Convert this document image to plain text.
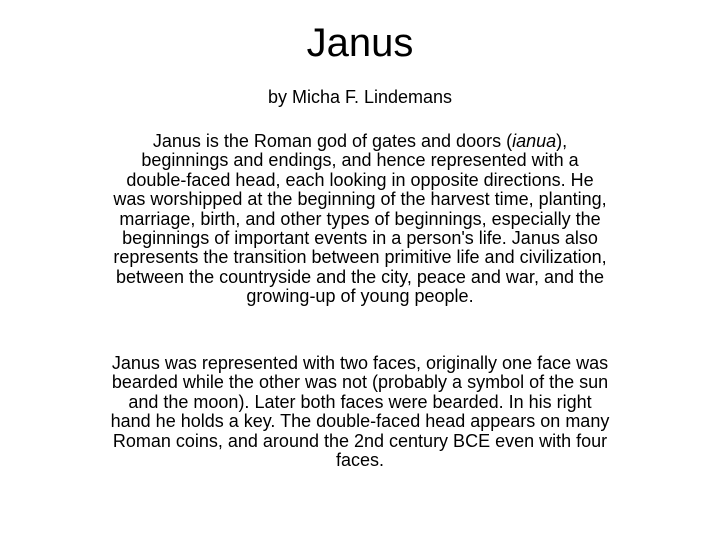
Janus

by Micha F. Lindemans

Janus is the Roman god of gates and doors (ianua), beginnings and endings, and hence represented with a double-faced head, each looking in opposite directions. He was worshipped at the beginning of the harvest time, planting, marriage, birth, and other types of beginnings, especially the beginnings of important events in a person's life. Janus also represents the transition between primitive life and civilization, between the countryside and the city, peace and war, and the growing-up of young people.

Janus was represented with two faces, originally one face was bearded while the other was not (probably a symbol of the sun and the moon). Later both faces were bearded. In his right hand he holds a key. The double-faced head appears on many Roman coins, and around the 2nd century BCE even with four faces.
